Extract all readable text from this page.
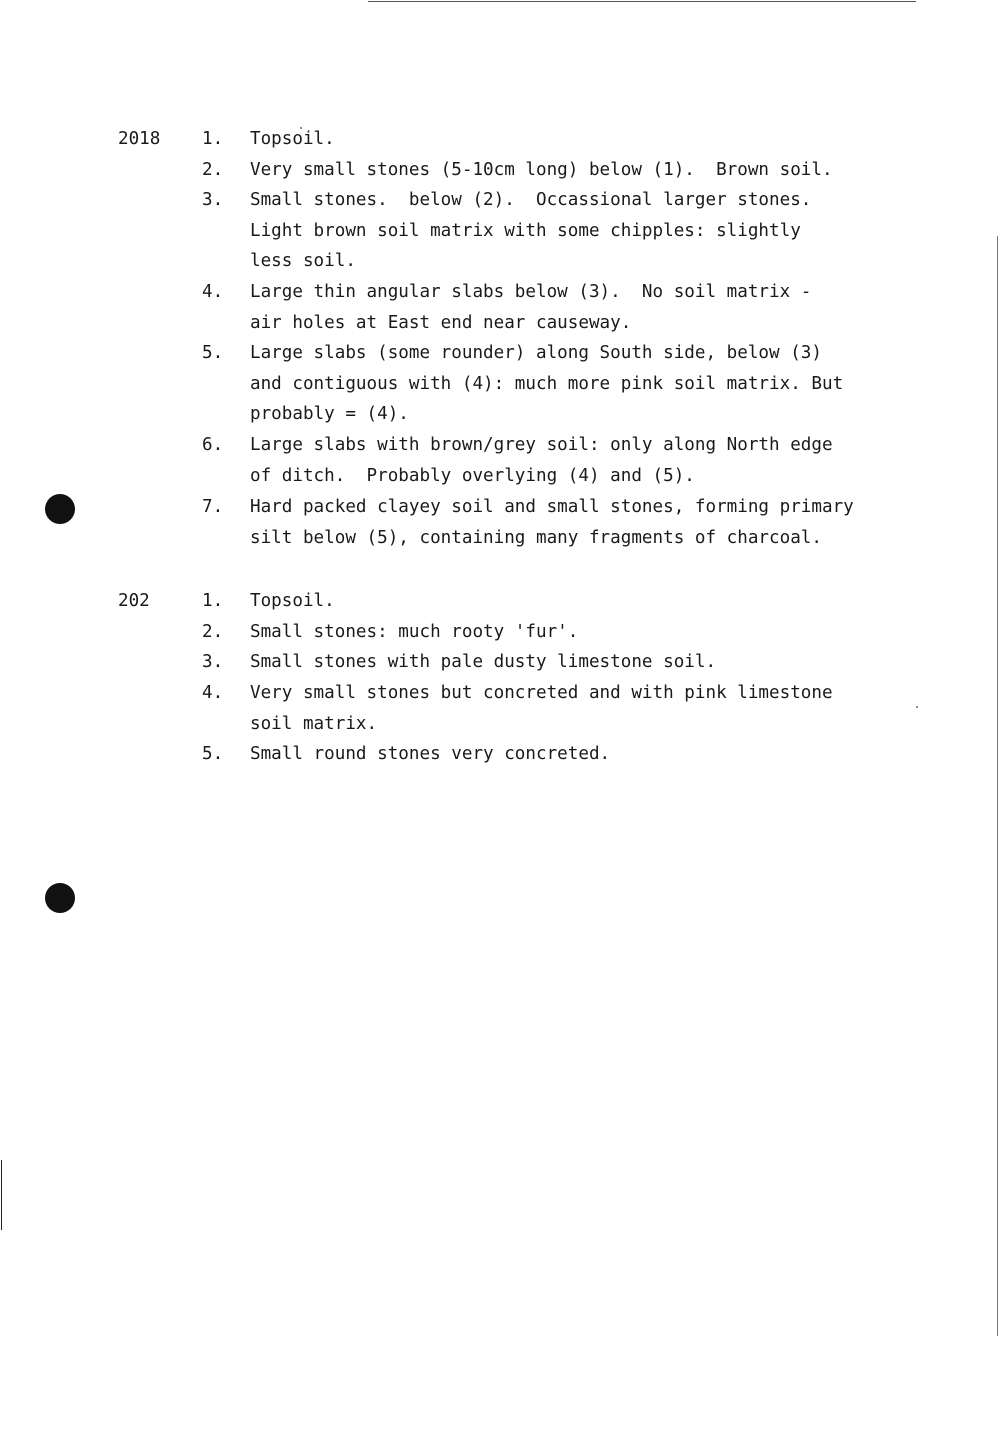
2018 1. Topsoil.
2. Very small stones (5-10cm long) below (1).  Brown soil.
3. Small stones.  below (2).  Occassional larger stones.
Light brown soil matrix with some chipples: slightly
less soil.
4. Large thin angular slabs below (3).  No soil matrix -
air holes at East end near causeway.
5. Large slabs (some rounder) along South side, below (3)
and contiguous with (4): much more pink soil matrix. But
probably = (4).
6. Large slabs with brown/grey soil: only along North edge
of ditch.  Probably overlying (4) and (5).
7. Hard packed clayey soil and small stones, forming primary
silt below (5), containing many fragments of charcoal.
202	1. Topsoil.
2. Small stones: much rooty 'fur'.
3. Small stones with pale dusty limestone soil.
4. Very small stones but concreted and with pink limestone
soil matrix.
5. Small round stones very concreted.
